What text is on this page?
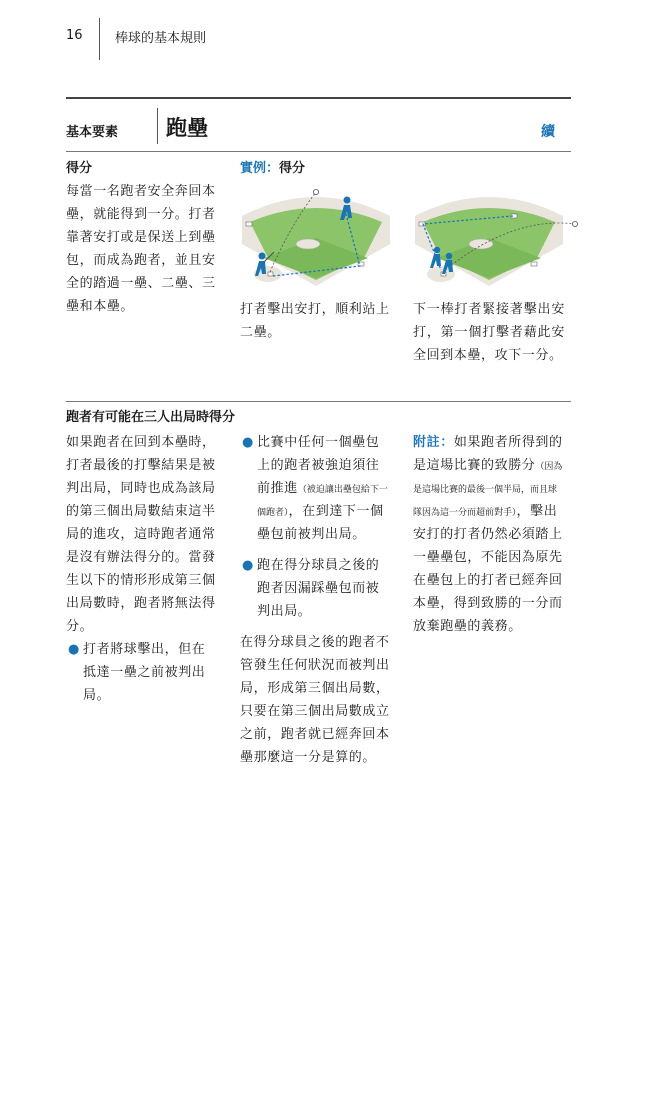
16 棒球的基本規則
基本要素 跑壘	續
得分	實例：得分
每當一名跑者安全奔回本壘，就能得到一分。打者靠著安打或是保送上到壘包，而成為跑者，並且安全的踏過一壘、二壘、三壘和本壘。	打者擊出安打，順利站上二壘。
下一棒打者緊接著擊出安打，第一個打擊者藉此安全回到本壘，攻下一分。
跑者有可能在三人出局時得分
如果跑者在回到本壘時，打者最後的打擊結果是被判出局，同時也成為該局的第三個出局數結束這半局的進攻，這時跑者通常是沒有辦法得分的。當發生以下的情形形成第三個出局數時，跑者將無法得分。
● 打者將球擊出，但在抵達一壘之前被判出局。
● 比賽中任何一個壘包上的跑者被強迫須往前推進（被迫讓出壘包給下一個跑者），在到達下一個壘包前被判出局。
● 跑在得分球員之後的跑者因漏踩壘包而被判出局。
在得分球員之後的跑者不管發生任何狀況而被判出局，形成第三個出局數，只要在第三個出局數成立之前，跑者就已經奔回本壘那麼這一分是算的。
附註：如果跑者所得到的是這場比賽的致勝分（因為是這場比賽的最後一個半局，而且球隊因為這一分而超前對手），擊出安打的打者仍然必須踏上一壘壘包，不能因為原先在壘包上的打者已經奔回本壘，得到致勝的一分而放棄跑壘的義務。
